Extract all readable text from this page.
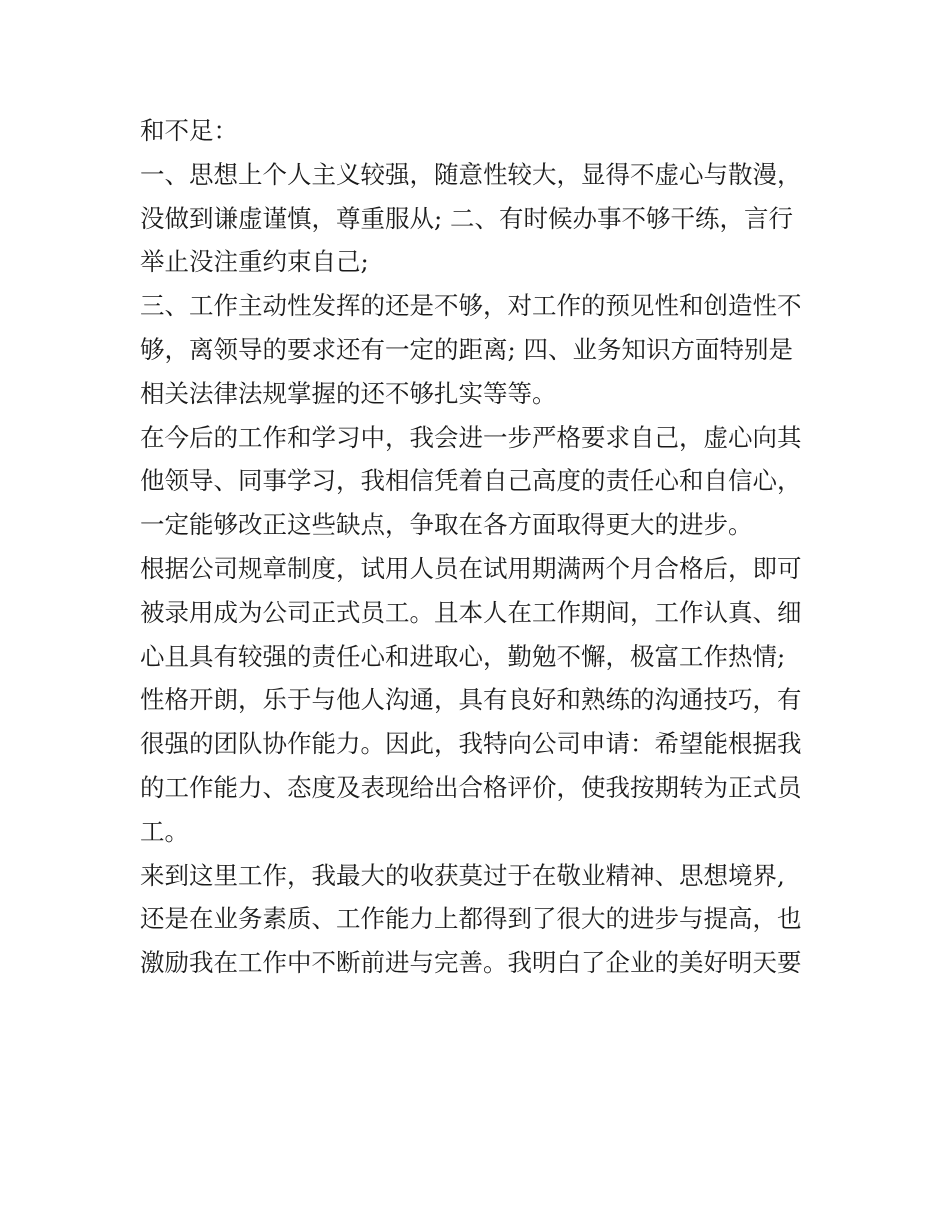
和不足：
一、思想上个人主义较强，随意性较大，显得不虚心与散漫，
没做到谦虚谨慎，尊重服从; 二、有时候办事不够干练，言行
举止没注重约束自己;
三、工作主动性发挥的还是不够，对工作的预见性和创造性不
够，离领导的要求还有一定的距离; 四、业务知识方面特别是
相关法律法规掌握的还不够扎实等等。
在今后的工作和学习中，我会进一步严格要求自己，虚心向其
他领导、同事学习，我相信凭着自己高度的责任心和自信心，
一定能够改正这些缺点，争取在各方面取得更大的进步。
根据公司规章制度，试用人员在试用期满两个月合格后，即可
被录用成为公司正式员工。且本人在工作期间，工作认真、细
心且具有较强的责任心和进取心，勤勉不懈，极富工作热情;
性格开朗，乐于与他人沟通，具有良好和熟练的沟通技巧，有
很强的团队协作能力。因此，我特向公司申请：希望能根据我
的工作能力、态度及表现给出合格评价，使我按期转为正式员
工。
来到这里工作，我最大的收获莫过于在敬业精神、思想境界,
还是在业务素质、工作能力上都得到了很大的进步与提高，也
激励我在工作中不断前进与完善。我明白了企业的美好明天要
